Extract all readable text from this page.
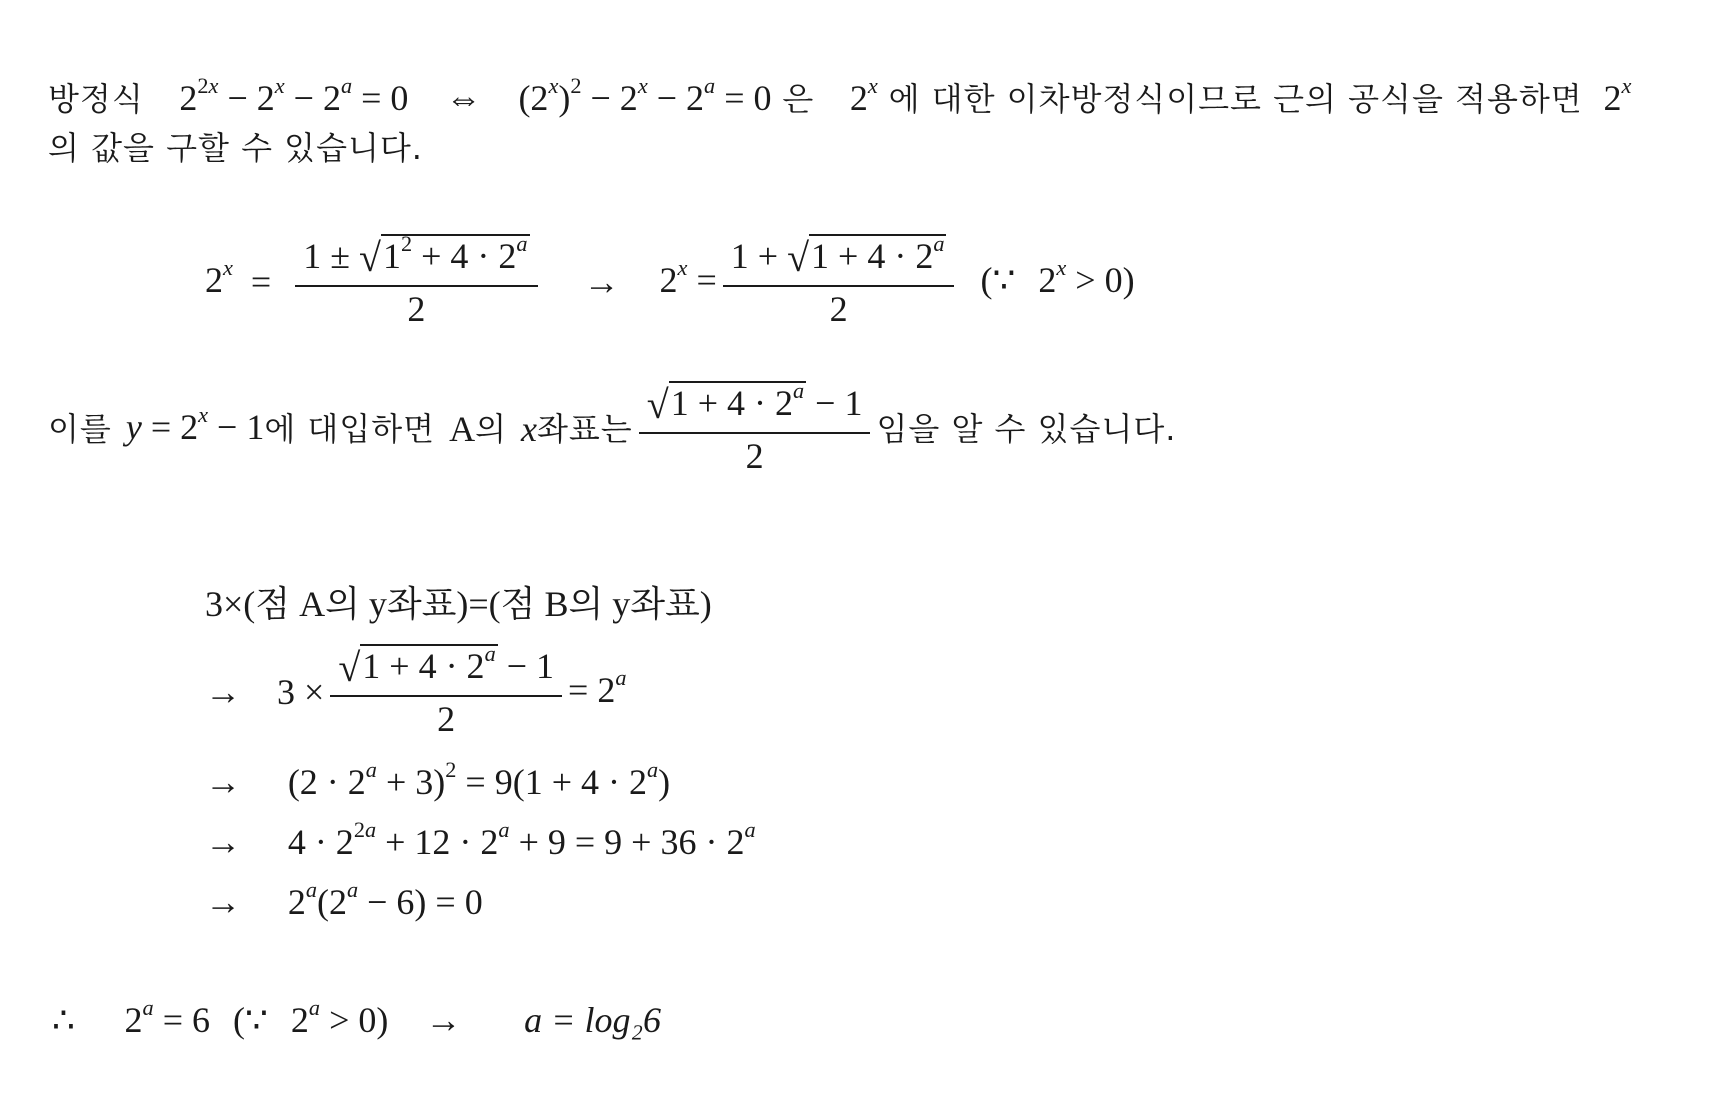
방정식 $2^{2x} - 2^x - 2^a = 0$ ⇔ $(2^x)^2 - 2^x - 2^a = 0$ 은 2$^x$ 에 대한 이차방정식이므로 근의 공식을 적용하면 2$^x$
의 값을 구할 수 있습니다.
$2^x = \frac{1 \pm √1^2 + 4 \cdot 2^a}{2} \to 2^x = \frac{1 + √1 + 4 \cdot 2^a}{2}$ (∵ $2^x > 0$)
이를 $y = 2^x - 1$ 에 대입하면 A 의 x 좌표는 $\frac{√1 + 4 \cdot 2^a - 1}{2}$ 임을 알 수 있습니다.
3×(점 A의 y좌표)=(점 B의 y좌표)
→	$3 \times \frac{√1 + 4 \cdot 2^a - 1}{2} = 2^a$
→ $(2 \cdot 2^a + 3)^2 = 9(1 + 4 \cdot 2^a)$
→ $4 \cdot 2^{2a} + 12 \cdot 2^a + 9 = 9 + 36 \cdot 2^a$
→ $2^a(2^a - 6) = 0$
∴ $2^a = 6$ (∵ $2^a > 0) \to a = \log_26$
